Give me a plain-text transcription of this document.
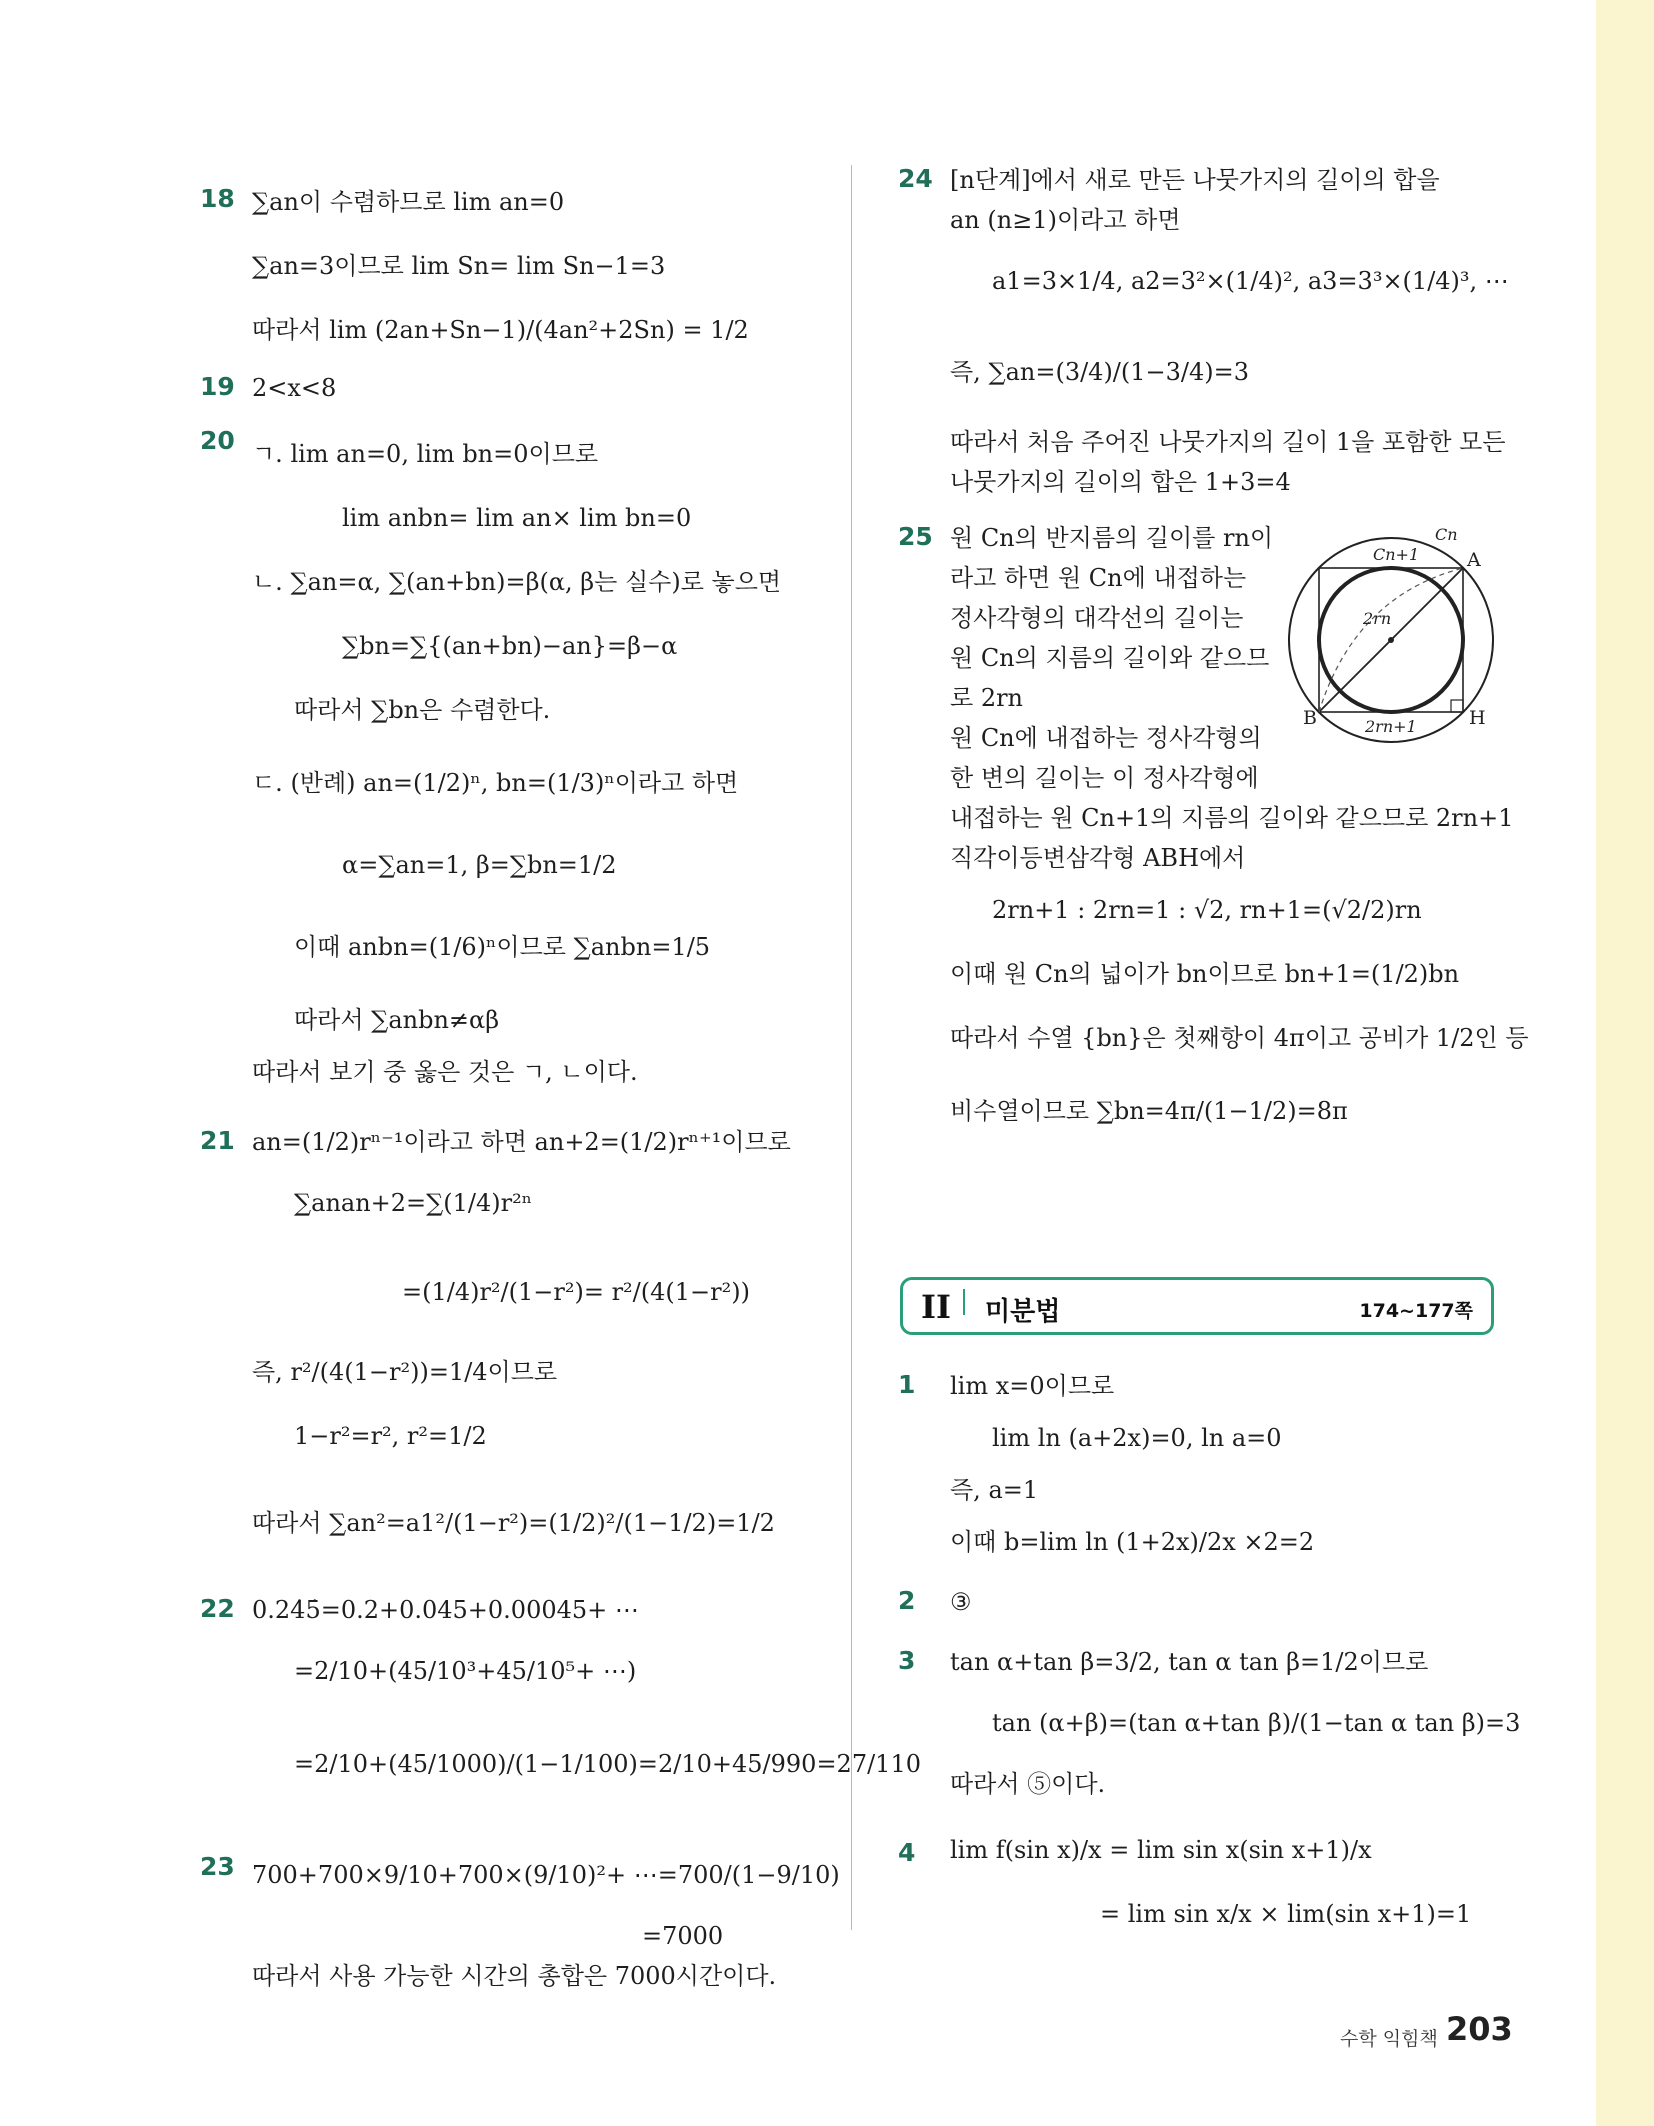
18 ∑an이 수렴하므로 lim an=0
∑an=3이므로 lim Sn= lim Sn−1=3
따라서 lim (2an+Sn−1)/(4an²+2Sn) = 1/2
19 2<x<8
20 ㄱ. lim an=0, lim bn=0이므로
lim anbn= lim an× lim bn=0
ㄴ. ∑an=α, ∑(an+bn)=β(α, β는 실수)로 놓으면
∑bn=∑{(an+bn)−an}=β−α
따라서 ∑bn은 수렴한다.
ㄷ. (반례) an=(1/2)ⁿ, bn=(1/3)ⁿ이라고 하면
α=∑an=1, β=∑bn=1/2
이때 anbn=(1/6)ⁿ이므로 ∑anbn=1/5
따라서 ∑anbn≠αβ
따라서 보기 중 옳은 것은 ㄱ, ㄴ이다.
21 an=(1/2)rⁿ⁻¹이라고 하면 an+2=(1/2)rⁿ⁺¹이므로
∑anan+2=∑(1/4)r²ⁿ
=(1/4)r²/(1−r²)= r²/(4(1−r²))
즉, r²/(4(1−r²))=1/4이므로
1−r²=r², r²=1/2
따라서 ∑an²=a1²/(1−r²)=(1/2)²/(1−1/2)=1/2
22 0.24̇5̇=0.2+0.045+0.00045+ ⋯
=2/10+(45/10³+45/10⁵+ ⋯)
=2/10+(45/1000)/(1−1/100)=2/10+45/990=27/110
23 700+700×9/10+700×(9/10)²+ ⋯=700/(1−9/10)
=7000
따라서 사용 가능한 시간의 총합은 7000시간이다.
24 [n단계]에서 새로 만든 나뭇가지의 길이의 합을
an (n≥1)이라고 하면
a1=3×1/4, a2=3²×(1/4)², a3=3³×(1/4)³, ⋯
즉, ∑an=(3/4)/(1−3/4)=3
따라서 처음 주어진 나뭇가지의 길이 1을 포함한 모든
나뭇가지의 길이의 합은 1+3=4
25 원 Cn의 반지름의 길이를 rn이
라고 하면 원 Cn에 내접하는
정사각형의 대각선의 길이는
원 Cn의 지름의 길이와 같으므
로 2rn
원 Cn에 내접하는 정사각형의
한 변의 길이는 이 정사각형에
내접하는 원 Cn+1의 지름의 길이와 같으므로 2rn+1
직각이등변삼각형 ABH에서
2rn+1 : 2rn=1 : √2, rn+1=(√2/2)rn
이때 원 Cn의 넓이가 bn이므로 bn+1=(1/2)bn
따라서 수열 {bn}은 첫째항이 4π이고 공비가 1/2인 등
비수열이므로 ∑bn=4π/(1−1/2)=8π
Cn
Cn+1	A
B	H
2rn
2rn+1
II 미분법	174~177쪽
1 lim x=0이므로
lim ln (a+2x)=0, ln a=0
즉, a=1
이때 b=lim ln (1+2x)/2x ×2=2
2 ③
3 tan α+tan β=3/2, tan α tan β=1/2이므로
tan (α+β)=(tan α+tan β)/(1−tan α tan β)=3
따라서 ⑤이다.
4 lim f(sin x)/x = lim sin x(sin x+1)/x
= lim sin x/x × lim(sin x+1)=1
수학 익힘책 203
